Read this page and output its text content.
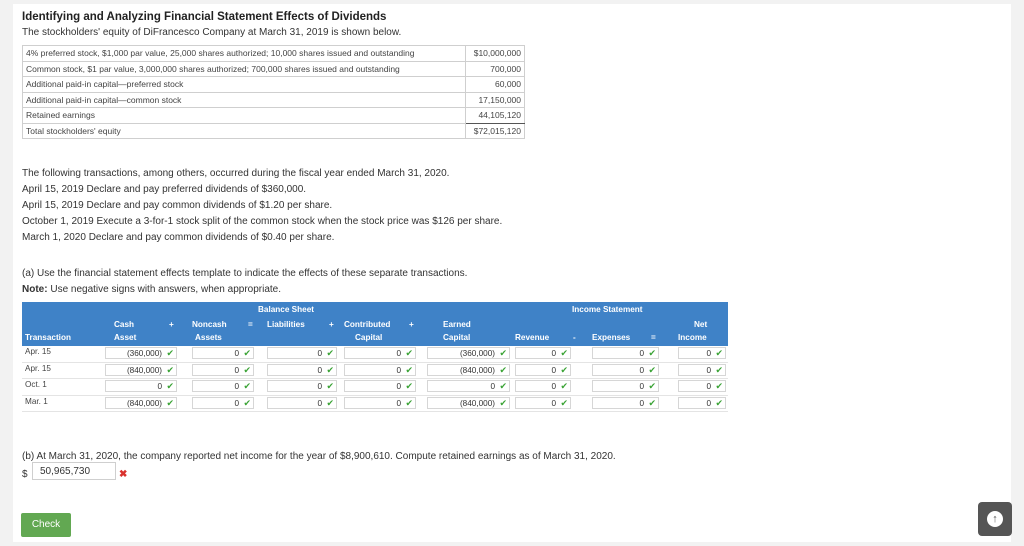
Identifying and Analyzing Financial Statement Effects of Dividends
The stockholders' equity of DiFrancesco Company at March 31, 2019 is shown below.
4% preferred stock, $1,000 par value, 25,000 shares authorized; 10,000 shares issued and outstanding	$10,000,000
Common stock, $1 par value, 3,000,000 shares authorized; 700,000 shares issued and outstanding	700,000
Additional paid-in capital—preferred stock	60,000
Additional paid-in capital—common stock	17,150,000
Retained earnings	44,105,120
Total stockholders' equity	$72,015,120
The following transactions, among others, occurred during the fiscal year ended March 31, 2020.
April 15, 2019 Declare and pay preferred dividends of $360,000.
April 15, 2019 Declare and pay common dividends of $1.20 per share.
October 1, 2019 Execute a 3-for-1 stock split of the common stock when the stock price was $126 per share.
March 1, 2020 Declare and pay common dividends of $0.40 per share.
(a) Use the financial statement effects template to indicate the effects of these separate transactions.
Note: Use negative signs with answers, when appropriate.
Balance Sheet	Income Statement
Cash
Asset
+ Noncash
Assets
= Liabilities	+ Contributed
Capital
+	Earned
Capital
Transaction	Revenue	- Expenses	=
Net
Income
Apr. 15	(360,000) ✔	0 ✔	0 ✔	0 ✔	(360,000) ✔	0 ✔	0 ✔	0 ✔
Apr. 15	(840,000) ✔	0 ✔	0 ✔	0 ✔	(840,000) ✔	0 ✔	0 ✔	0 ✔
Oct. 1	0 ✔	0 ✔	0 ✔	0 ✔	0 ✔	0 ✔	0 ✔	0 ✔
Mar. 1	(840,000) ✔	0 ✔	0 ✔	0 ✔	(840,000) ✔	0 ✔	0 ✔	0 ✔
(b) At March 31, 2020, the company reported net income for the year of $8,900,610. Compute retained earnings as of March 31, 2020.
$	50,965,730	✖
Check	↑
